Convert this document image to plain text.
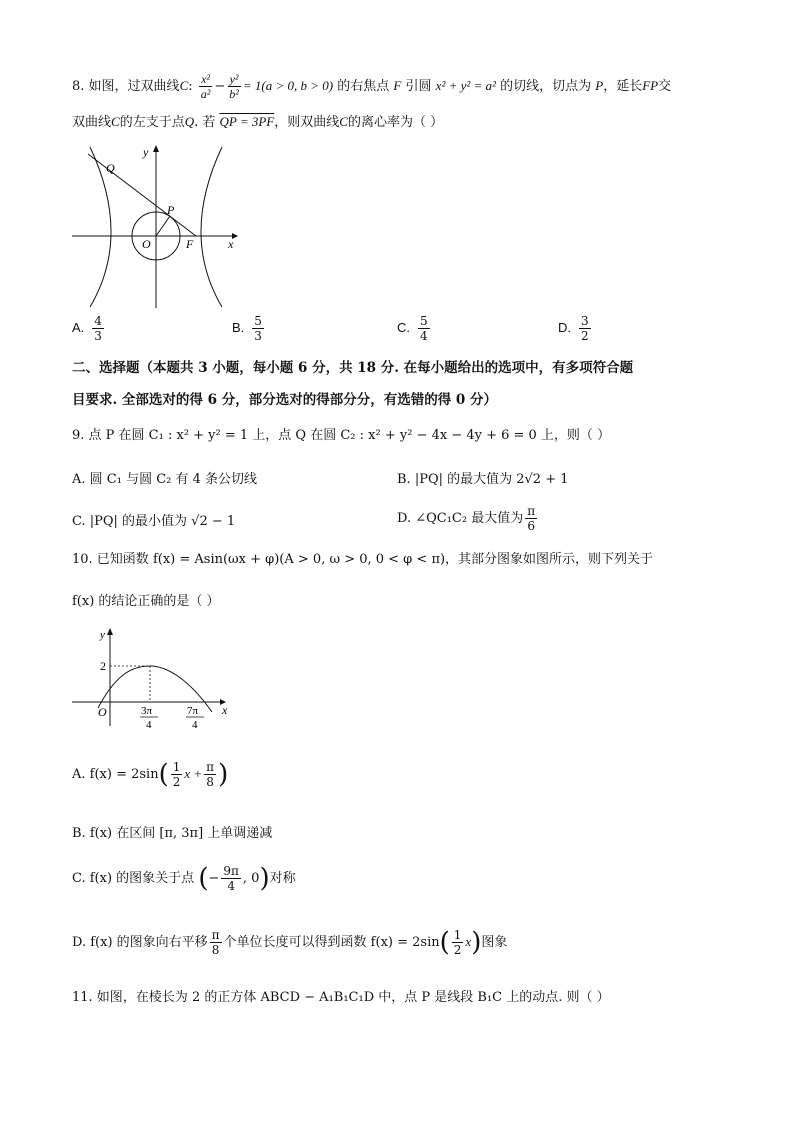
8. 如图，过双曲线C: $\frac{\text{x²}}{\text{a²}} - \frac{\text{y²}}{\text{b²}} = 1(a > 0$, b > 0) 的右焦点 F 引圆 x² + y² = a² 的切线，切点为 P，延长FP交
双曲线C的左支于点Q. 若 QP = 3PF，则双曲线C的离心率为（ ）
y
Q
P
O	F	x
A. $\frac{4}{3}$	B. $\frac{5}{3}$	C. $\frac{5}{4}$	D. $\frac{3}{2}$
二、选择题（本题共 3 小题，每小题 6 分，共 18 分. 在每小题给出的选项中，有多项符合题
目要求. 全部选对的得 6 分，部分选对的得部分分，有选错的得 0 分）
9. 点 P 在圆 C₁ : x² + y² = 1 上，点 Q 在圆 C₂ : x² + y² − 4x − 4y + 6 = 0 上，则（ ）
A. 圆 C₁ 与圆 C₂ 有 4 条公切线	B. |PQ| 的最大值为 2√2 + 1
C. |PQ| 的最小值为 √2 − 1	D. ∠QC₁C₂ 最大值为 $\frac{\pi}{6}$
10. 已知函数 f(x) = Asin(ωx + φ)(A > 0, ω > 0, 0 < φ < π)，其部分图象如图所示，则下列关于
f(x) 的结论正确的是（ ）
y
2
O	x
3π
4
7π
4
A. $f(x) = 2\sin( \frac{1}{2}$ $x + \frac{\pi}{8}$ )
B. f(x) 在区间 [π, 3π] 上单调递减
C. f(x) 的图象关于点 (− $\frac{9\pi}{4}$ , 0)对称
D. f(x) 的图象向右平移 $\frac{\pi}{8}$ 个单位长度可以得到函数 $f(x) = 2\sin( \frac{1}{2} x)$图象
11. 如图，在棱长为 2 的正方体 ABCD − A₁B₁C₁D 中，点 P 是线段 B₁C 上的动点. 则（ ）
